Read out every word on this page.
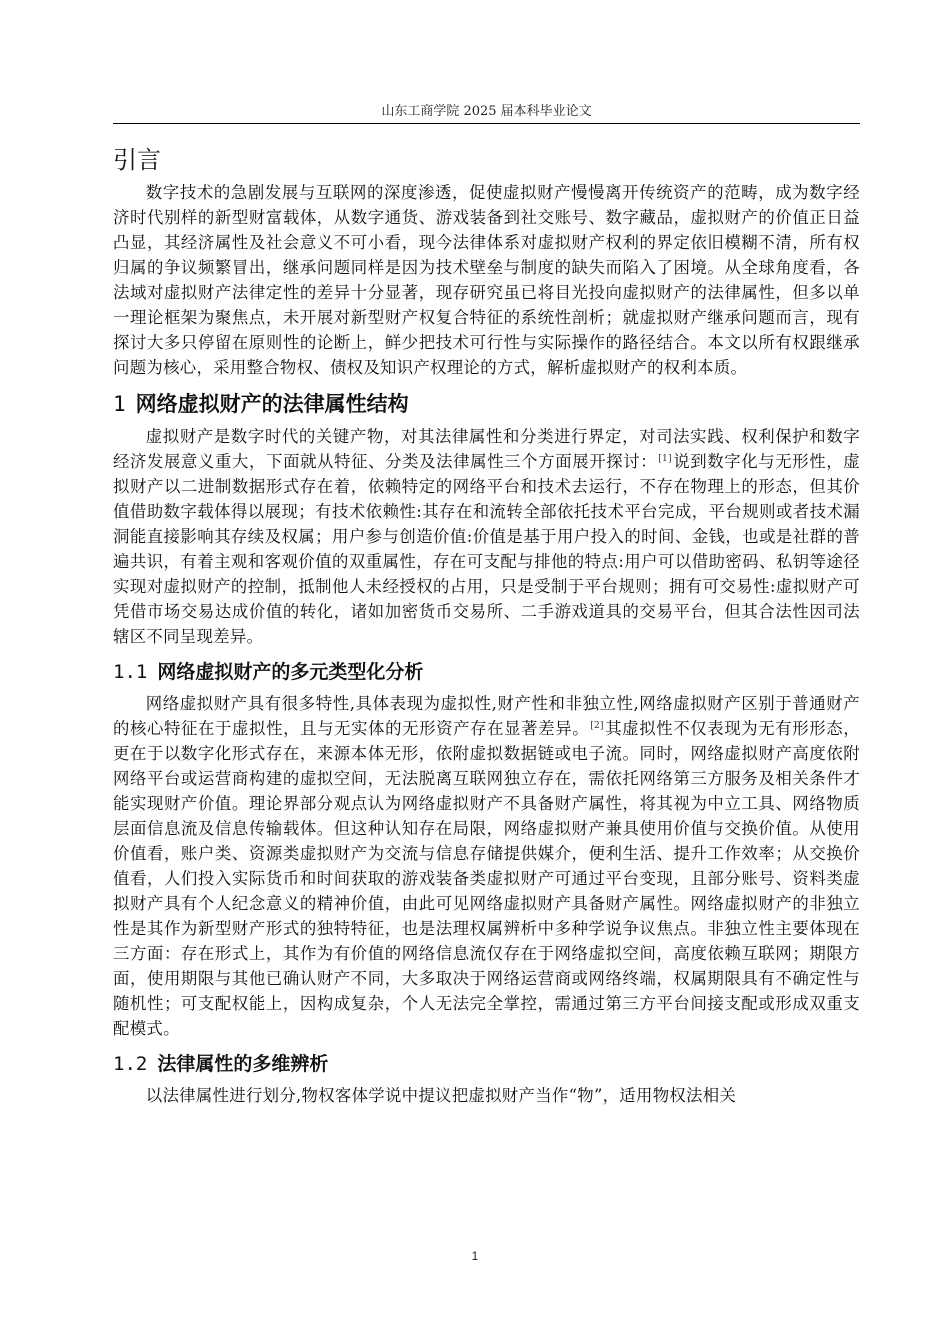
山东工商学院 2025 届本科毕业论文
引言

数字技术的急剧发展与互联网的深度渗透，促使虚拟财产慢慢离开传统资产的范畴，成为数字经济时代别样的新型财富载体，从数字通货、游戏装备到社交账号、数字藏品，虚拟财产的价值正日益凸显，其经济属性及社会意义不可小看，现今法律体系对虚拟财产权利的界定依旧模糊不清，所有权归属的争议频繁冒出，继承问题同样是因为技术壁垒与制度的缺失而陷入了困境。从全球角度看，各法域对虚拟财产法律定性的差异十分显著，现存研究虽已将目光投向虚拟财产的法律属性，但多以单一理论框架为聚焦点，未开展对新型财产权复合特征的系统性剖析；就虚拟财产继承问题而言，现有探讨大多只停留在原则性的论断上，鲜少把技术可行性与实际操作的路径结合。本文以所有权跟继承问题为核心，采用整合物权、债权及知识产权理论的方式，解析虚拟财产的权利本质。

1 网络虚拟财产的法律属性结构

虚拟财产是数字时代的关键产物，对其法律属性和分类进行界定，对司法实践、权利保护和数字经济发展意义重大，下面就从特征、分类及法律属性三个方面展开探讨：[1]说到数字化与无形性，虚拟财产以二进制数据形式存在着，依赖特定的网络平台和技术去运行，不存在物理上的形态，但其价值借助数字载体得以展现；有技术依赖性:其存在和流转全部依托技术平台完成，平台规则或者技术漏洞能直接影响其存续及权属；用户参与创造价值:价值是基于用户投入的时间、金钱，也或是社群的普遍共识，有着主观和客观价值的双重属性，存在可支配与排他的特点:用户可以借助密码、私钥等途径实现对虚拟财产的控制，抵制他人未经授权的占用，只是受制于平台规则；拥有可交易性:虚拟财产可凭借市场交易达成价值的转化，诸如加密货币交易所、二手游戏道具的交易平台，但其合法性因司法辖区不同呈现差异。

1.1 网络虚拟财产的多元类型化分析

网络虚拟财产具有很多特性,具体表现为虚拟性,财产性和非独立性,网络虚拟财产区别于普通财产的核心特征在于虚拟性，且与无实体的无形资产存在显著差异。[2]其虚拟性不仅表现为无有形形态，更在于以数字化形式存在，来源本体无形，依附虚拟数据链或电子流。同时，网络虚拟财产高度依附网络平台或运营商构建的虚拟空间，无法脱离互联网独立存在，需依托网络第三方服务及相关条件才能实现财产价值。理论界部分观点认为网络虚拟财产不具备财产属性，将其视为中立工具、网络物质层面信息流及信息传输载体。但这种认知存在局限，网络虚拟财产兼具使用价值与交换价值。从使用价值看，账户类、资源类虚拟财产为交流与信息存储提供媒介，便利生活、提升工作效率；从交换价值看，人们投入实际货币和时间获取的游戏装备类虚拟财产可通过平台变现，且部分账号、资料类虚拟财产具有个人纪念意义的精神价值，由此可见网络虚拟财产具备财产属性。网络虚拟财产的非独立性是其作为新型财产形式的独特特征，也是法理权属辨析中多种学说争议焦点。非独立性主要体现在三方面：存在形式上，其作为有价值的网络信息流仅存在于网络虚拟空间，高度依赖互联网；期限方面，使用期限与其他已确认财产不同，大多取决于网络运营商或网络终端，权属期限具有不确定性与随机性；可支配权能上，因构成复杂，个人无法完全掌控，需通过第三方平台间接支配或形成双重支配模式。

1.2 法律属性的多维辨析

以法律属性进行划分,物权客体学说中提议把虚拟财产当作“物”，适用物权法相关

1
